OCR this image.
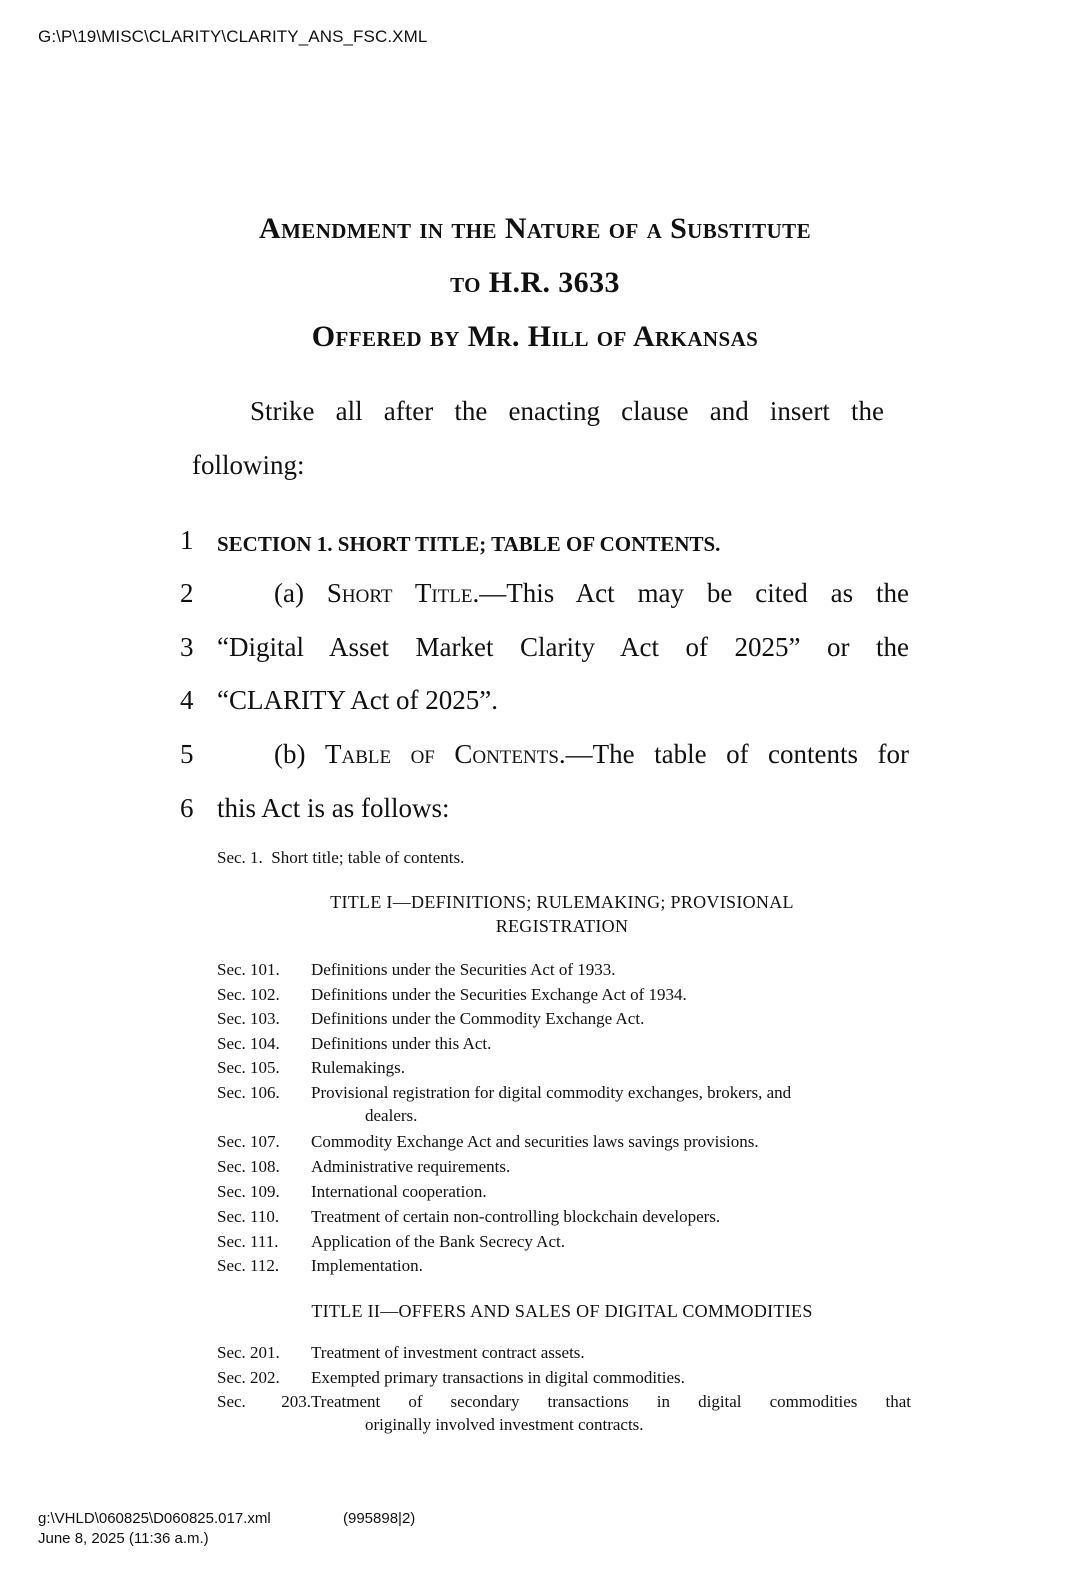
G:\P\19\MISC\CLARITY\CLARITY_ANS_FSC.XML
Amendment in the Nature of a Substitute
to H.R. 3633
Offered by Mr. Hill of Arkansas
Strike all after the enacting clause and insert the
following:
1
2
3
4
5
6
SECTION 1. SHORT TITLE; TABLE OF CONTENTS.
(a) Short Title.—This Act may be cited as the
“Digital Asset Market Clarity Act of 2025” or the
“CLARITY Act of 2025”.
(b) Table of Contents.—The table of contents for
this Act is as follows:
Sec. 1. Short title; table of contents.
TITLE I—DEFINITIONS; RULEMAKING; PROVISIONAL
REGISTRATION
Sec. 101. Definitions under the Securities Act of 1933.
Sec. 102. Definitions under the Securities Exchange Act of 1934.
Sec. 103. Definitions under the Commodity Exchange Act.
Sec. 104. Definitions under this Act.
Sec. 105. Rulemakings.
Sec. 106. Provisional registration for digital commodity exchanges, brokers, and
dealers.
Sec. 107. Commodity Exchange Act and securities laws savings provisions.
Sec. 108. Administrative requirements.
Sec. 109. International cooperation.
Sec. 110. Treatment of certain non-controlling blockchain developers.
Sec. 111. Application of the Bank Secrecy Act.
Sec. 112. Implementation.
TITLE II—OFFERS AND SALES OF DIGITAL COMMODITIES
Sec. 201. Treatment of investment contract assets.
Sec. 202. Exempted primary transactions in digital commodities.
Sec. 203.Treatment of secondary transactions in digital commodities that
originally involved investment contracts.
g:\VHLD\060825\D060825.017.xml	(995898|2)
June 8, 2025 (11:36 a.m.)
